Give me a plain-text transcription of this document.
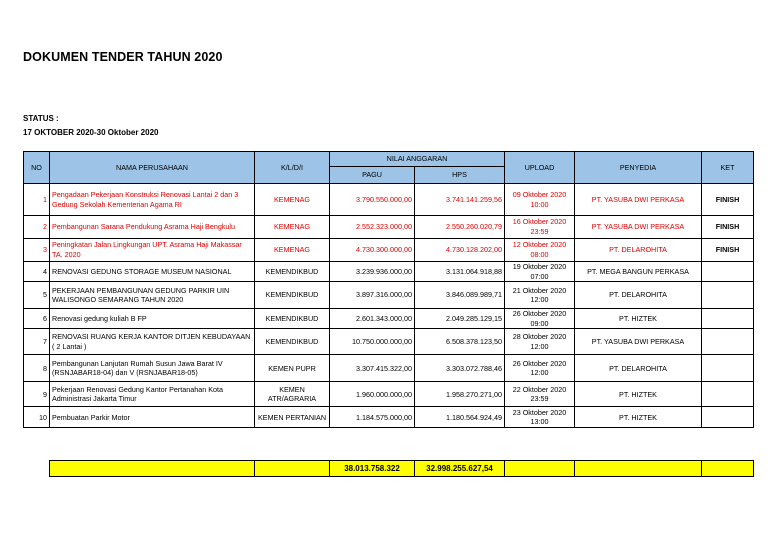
DOKUMEN TENDER TAHUN 2020
STATUS :
17 OKTOBER 2020-30 Oktober 2020
NO	NAMA PERUSAHAAN	K/L/D/I	NILAI ANGGARAN		UPLOAD	PENYEDIA	KET
			PAGU	HPS			
1	Pengadaan Pekerjaan Konstruksi Renovasi Lantai 2 dan 3 Gedung Sekolah Kementerian Agama RI	KEMENAG	3.790.550.000,00	3.741.141.259,56	09 Oktober 2020 10:00	PT. YASUBA DWI PERKASA	FINISH
2	Pembangunan Sarana Pendukung Asrama Haji Bengkulu	KEMENAG	2.552.323.000,00	2.550.260.020,79	16 Oktober 2020 23:59	PT. YASUBA DWI PERKASA	FINISH
3	Peningkatan Jalan Lingkungan UPT. Asrama Haji Makassar TA. 2020	KEMENAG	4.730.300.000,00	4.730.128.202,00	12 Oktober 2020 08:00	PT. DELAROHITA	FINISH
4	RENOVASI GEDUNG STORAGE MUSEUM NASIONAL	KEMENDIKBUD	3.239.936.000,00	3.131.064.918,88	19 Oktober 2020 07:00	PT. MEGA BANGUN PERKASA	
5	PEKERJAAN PEMBANGUNAN GEDUNG PARKIR UIN WALISONGO SEMARANG TAHUN 2020	KEMENDIKBUD	3.897.316.000,00	3.846.089.989,71	21 Oktober 2020 12:00	PT. DELAROHITA	
6	Renovasi gedung kuliah B FP	KEMENDIKBUD	2.601.343.000,00	2.049.285.129,15	26 Oktober 2020 09:00	PT. HIZTEK	
7	RENOVASI RUANG KERJA KANTOR DITJEN KEBUDAYAAN ( 2 Lantai )	KEMENDIKBUD	10.750.000.000,00	6.508.378.123,50	28 Oktober 2020 12:00	PT. YASUBA DWI PERKASA	
8	Pembangunan Lanjutan Rumah Susun Jawa Barat IV (RSNJABAR18-04) dan V (RSNJABAR18-05)	KEMEN PUPR	3.307.415.322,00	3.303.072.788,46	26 Oktober 2020 12:00	PT. DELAROHITA	
9	Pekerjaan Renovasi Gedung Kantor Pertanahan Kota Administrasi Jakarta Timur	KEMEN ATR/AGRARIA	1.960.000.000,00	1.958.270.271,00	22 Oktober 2020 23:59	PT. HIZTEK	
10	Pembuatan Parkir Motor	KEMEN PERTANIAN	1.184.575.000,00	1.180.564.924,49	23 Oktober 2020 13:00	PT. HIZTEK	
		38.013.758.322	32.998.255.627,54			
